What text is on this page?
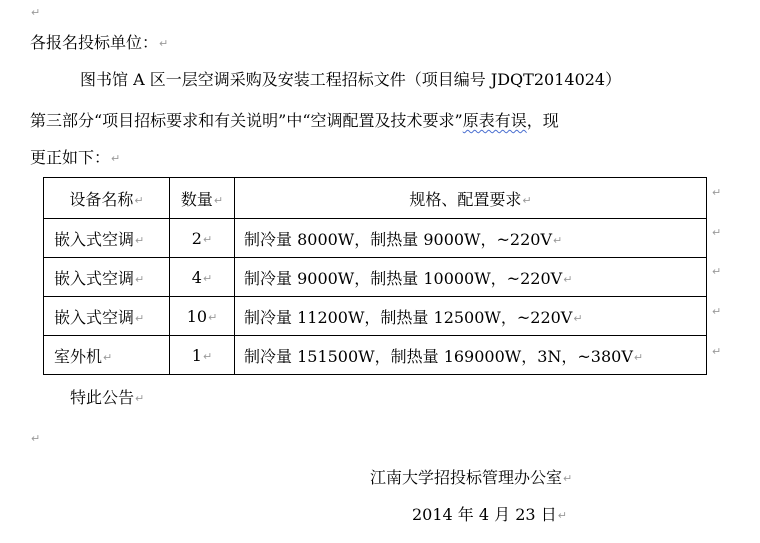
↵
各报名投标单位：↵
图书馆 A 区一层空调采购及安装工程招标文件（项目编号 JDQT2014024）
第三部分“项目招标要求和有关说明”中“空调配置及技术要求”原表有误，现
更正如下：↵
设备名称↵	数量↵	规格、配置要求↵
嵌入式空调↵	2↵	制冷量 8000W，制热量 9000W，~220V↵
嵌入式空调↵	4↵	制冷量 9000W，制热量 10000W，~220V↵
嵌入式空调↵	10↵	制冷量 11200W，制热量 12500W，~220V↵
室外机↵	1↵	制冷量 151500W，制热量 169000W，3N，~380V↵
↵
↵
↵
↵
↵
特此公告↵
↵
江南大学招投标管理办公室↵
2014 年 4 月 23 日↵
